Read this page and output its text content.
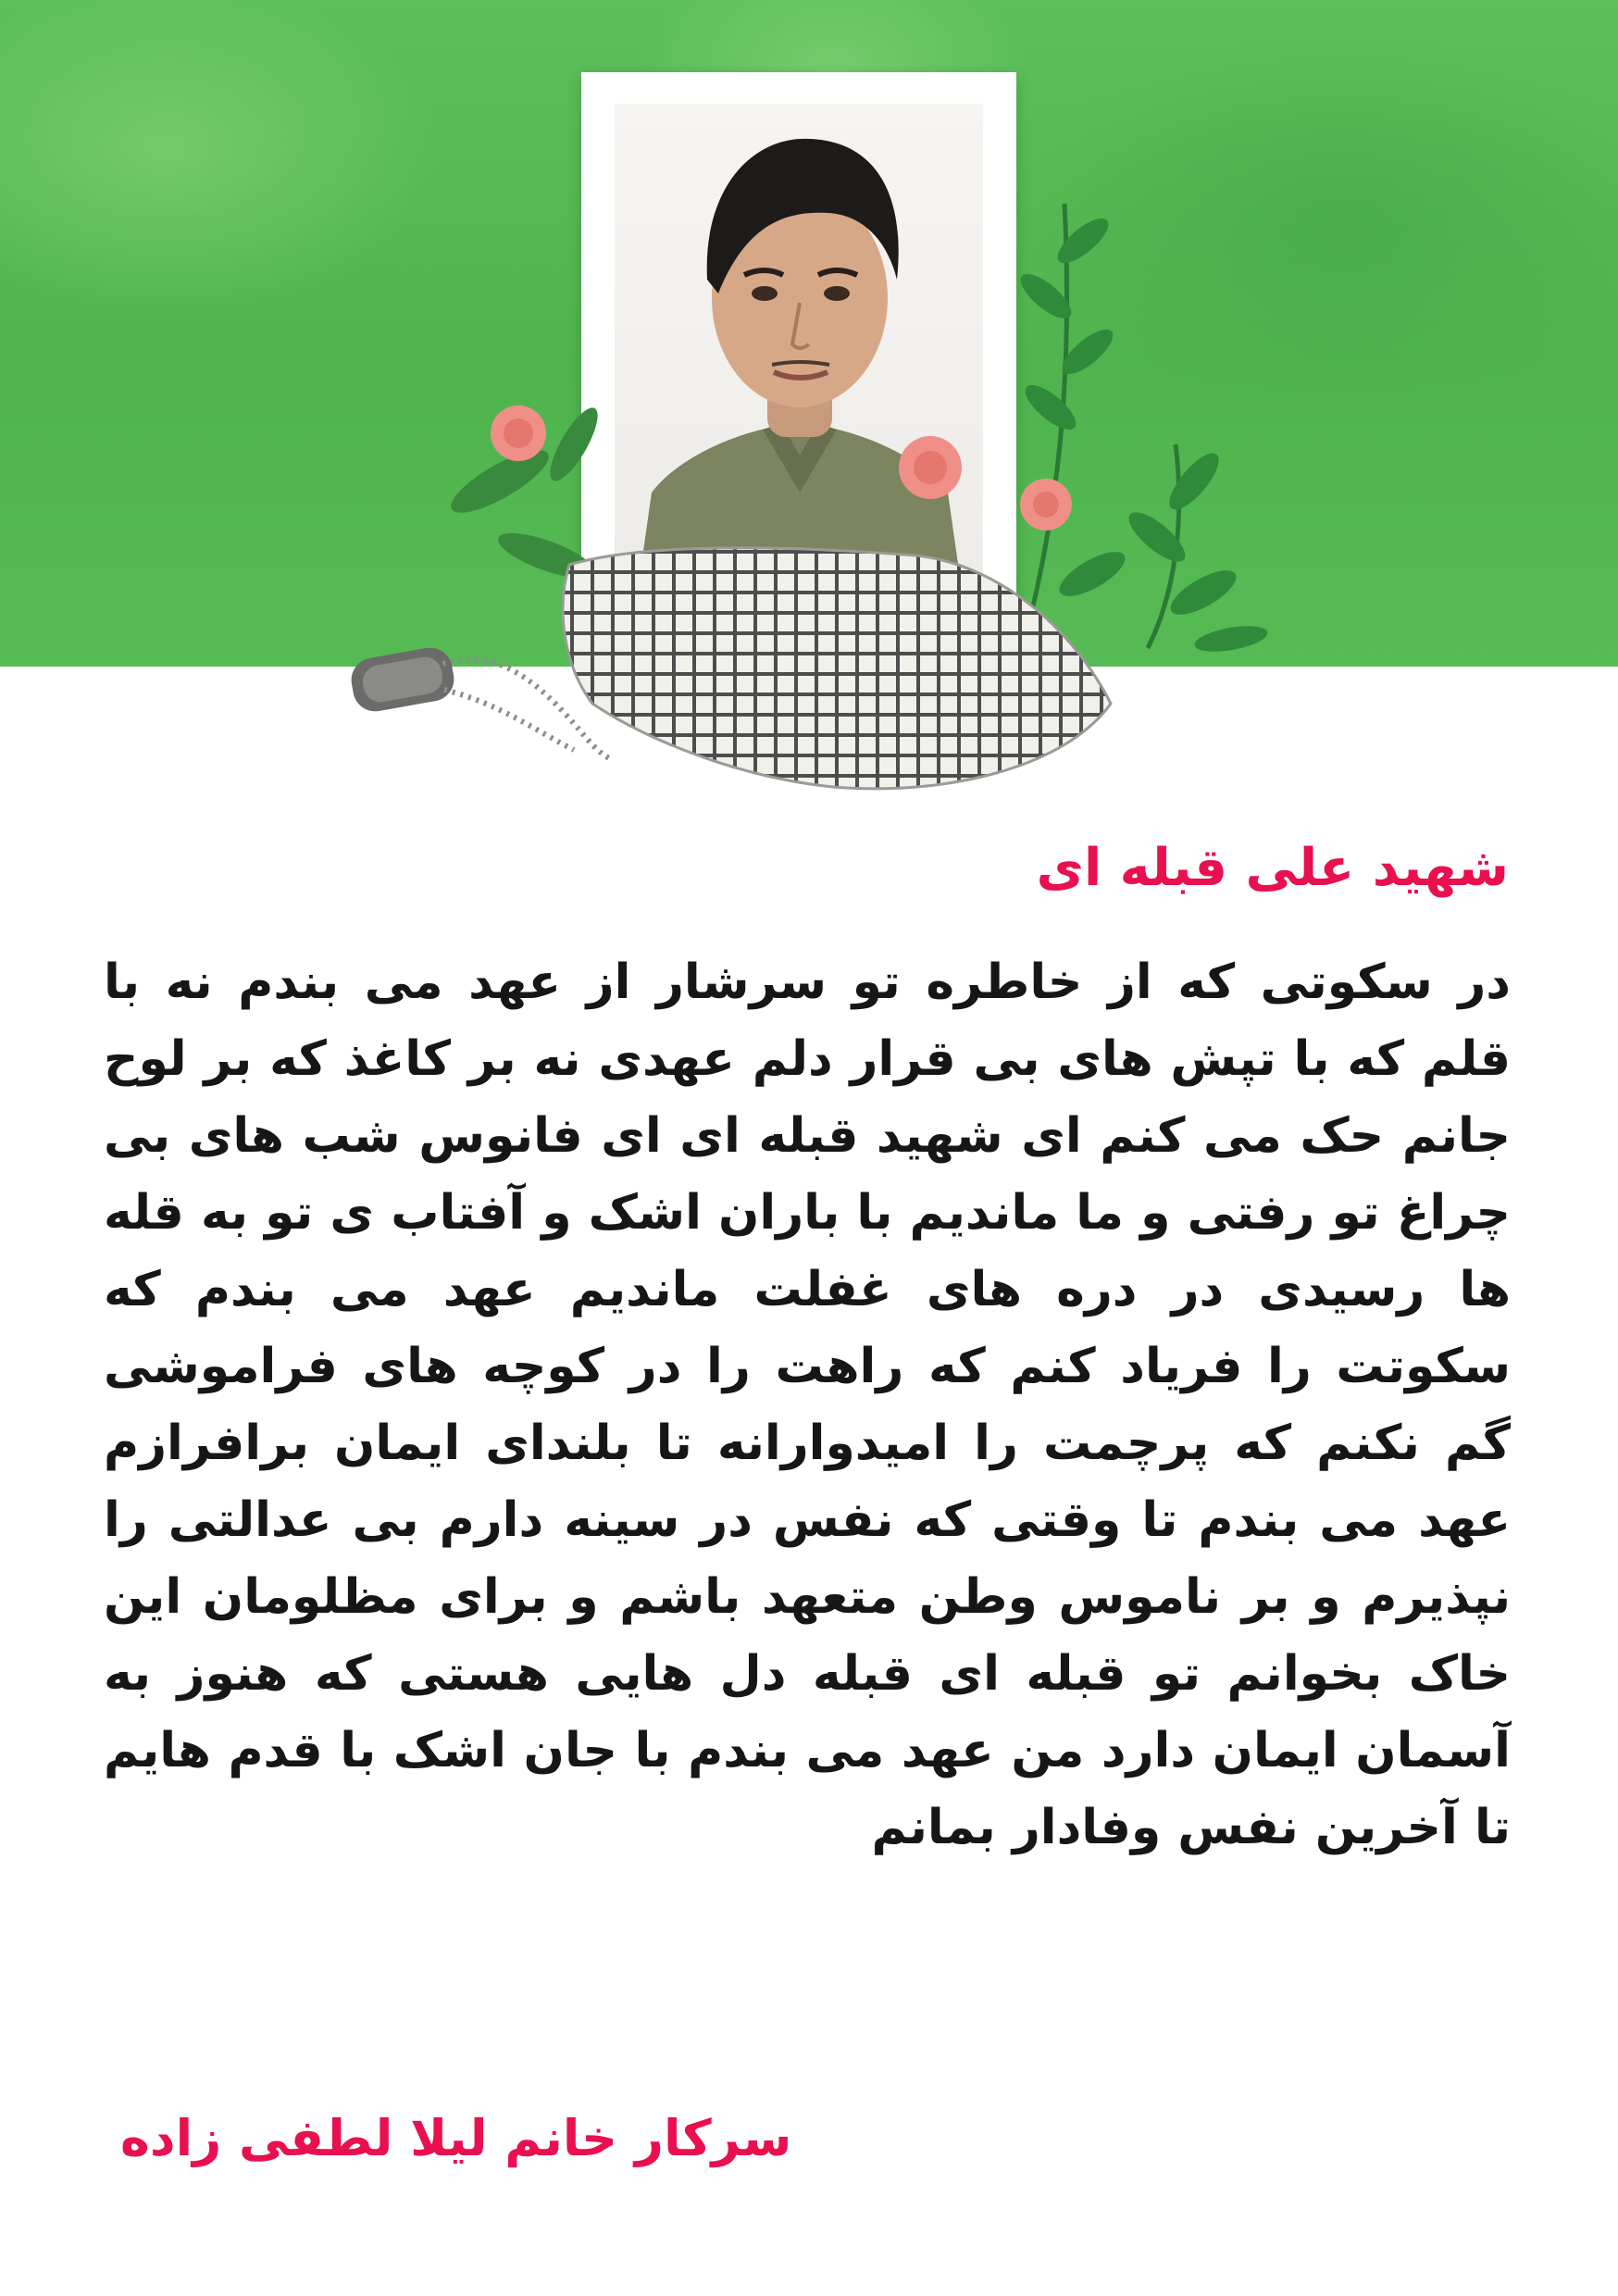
شهید علی قبله ای
در سکوتی که از خاطره تو سرشار از عهد می بندم نه با قلم که با تپش های بی قرار دلم عهدی نه بر کاغذ که بر لوح جانم حک می کنم ای شهید قبله ای ای فانوس شب های بی چراغ تو رفتی و ما ماندیم با باران اشک و آفتاب ی تو به قله ها رسیدی در دره های غفلت ماندیم عهد می بندم که سکوتت را فریاد کنم که راهت را در کوچه های فراموشی گم نکنم که پرچمت را امیدوارانه تا بلندای ایمان برافرازم عهد می بندم تا وقتی که نفس در سینه دارم بی عدالتی را نپذیرم و بر ناموس وطن متعهد باشم و برای مظلومان این خاک بخوانم تو قبله ای قبله دل هایی هستی که هنوز به آسمان ایمان دارد من عهد می بندم با جان اشک با قدم هایم تا آخرین نفس وفادار بمانم
سرکار خانم لیلا لطفی زاده
